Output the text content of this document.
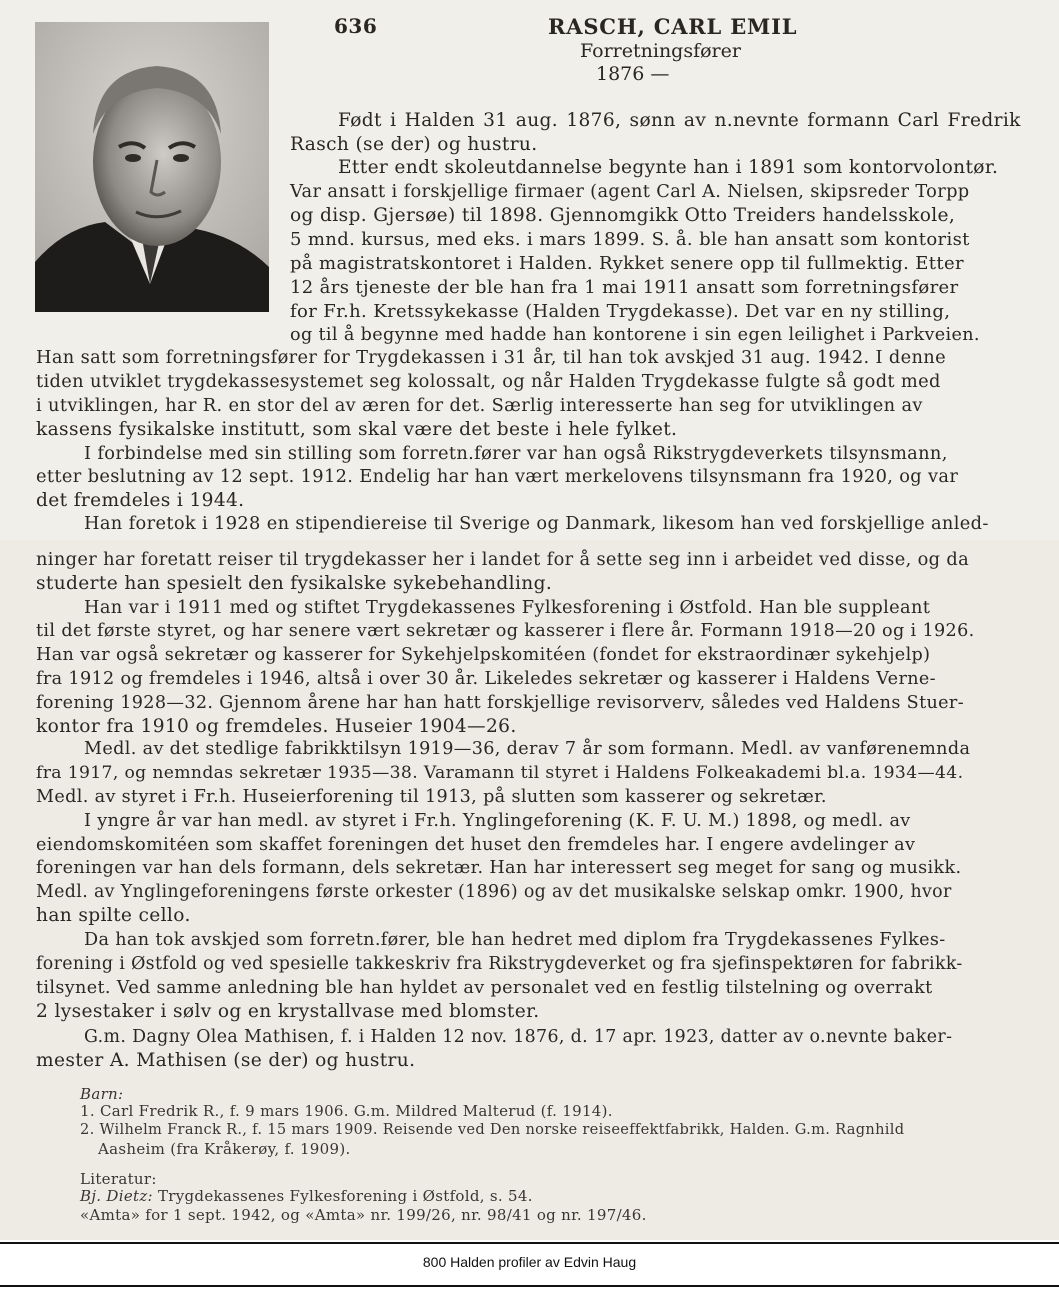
636	RASCH, CARL EMIL
Forretningsfører
1876 —
Født i Halden 31 aug. 1876, sønn av n.nevnte formann Carl Fredrik
Rasch (se der) og hustru.
Etter endt skoleutdannelse begynte han i 1891 som kontorvolontør.
Var ansatt i forskjellige firmaer (agent Carl A. Nielsen, skipsreder Torpp
og disp. Gjersøe) til 1898. Gjennomgikk Otto Treiders handelsskole,
5 mnd. kursus, med eks. i mars 1899. S. å. ble han ansatt som kontorist
på magistratskontoret i Halden. Rykket senere opp til fullmektig. Etter
12 års tjeneste der ble han fra 1 mai 1911 ansatt som forretningsfører
for Fr.h. Kretssykekasse (Halden Trygdekasse). Det var en ny stilling,
og til å begynne med hadde han kontorene i sin egen leilighet i Parkveien.
Han satt som forretningsfører for Trygdekassen i 31 år, til han tok avskjed 31 aug. 1942. I denne
tiden utviklet trygdekassesystemet seg kolossalt, og når Halden Trygdekasse fulgte så godt med
i utviklingen, har R. en stor del av æren for det. Særlig interesserte han seg for utviklingen av
kassens fysikalske institutt, som skal være det beste i hele fylket.
I forbindelse med sin stilling som forretn.fører var han også Rikstrygdeverkets tilsynsmann,
etter beslutning av 12 sept. 1912. Endelig har han vært merkelovens tilsynsmann fra 1920, og var
det fremdeles i 1944.
Han foretok i 1928 en stipendiereise til Sverige og Danmark, likesom han ved forskjellige anled-
ninger har foretatt reiser til trygdekasser her i landet for å sette seg inn i arbeidet ved disse, og da
studerte han spesielt den fysikalske sykebehandling.
Han var i 1911 med og stiftet Trygdekassenes Fylkesforening i Østfold. Han ble suppleant
til det første styret, og har senere vært sekretær og kasserer i flere år. Formann 1918—20 og i 1926.
Han var også sekretær og kasserer for Sykehjelpskomitéen (fondet for ekstraordinær sykehjelp)
fra 1912 og fremdeles i 1946, altså i over 30 år. Likeledes sekretær og kasserer i Haldens Verne-
forening 1928—32. Gjennom årene har han hatt forskjellige revisorverv, således ved Haldens Stuer-
kontor fra 1910 og fremdeles. Huseier 1904—26.
Medl. av det stedlige fabrikktilsyn 1919—36, derav 7 år som formann. Medl. av vanførenemnda
fra 1917, og nemndas sekretær 1935—38. Varamann til styret i Haldens Folkeakademi bl.a. 1934—44.
Medl. av styret i Fr.h. Huseierforening til 1913, på slutten som kasserer og sekretær.
I yngre år var han medl. av styret i Fr.h. Ynglingeforening (K. F. U. M.) 1898, og medl. av
eiendomskomitéen som skaffet foreningen det huset den fremdeles har. I engere avdelinger av
foreningen var han dels formann, dels sekretær. Han har interessert seg meget for sang og musikk.
Medl. av Ynglingeforeningens første orkester (1896) og av det musikalske selskap omkr. 1900, hvor
han spilte cello.
Da han tok avskjed som forretn.fører, ble han hedret med diplom fra Trygdekassenes Fylkes-
forening i Østfold og ved spesielle takkeskriv fra Rikstrygdeverket og fra sjefinspektøren for fabrikk-
tilsynet. Ved samme anledning ble han hyldet av personalet ved en festlig tilstelning og overrakt
2 lysestaker i sølv og en krystallvase med blomster.
G.m. Dagny Olea Mathisen, f. i Halden 12 nov. 1876, d. 17 apr. 1923, datter av o.nevnte baker-
mester A. Mathisen (se der) og hustru.
Barn:
1. Carl Fredrik R., f. 9 mars 1906. G.m. Mildred Malterud (f. 1914).
2. Wilhelm Franck R., f. 15 mars 1909. Reisende ved Den norske reiseeffektfabrikk, Halden. G.m. Ragnhild
Aasheim (fra Kråkerøy, f. 1909).
Literatur:
Bj. Dietz: Trygdekassenes Fylkesforening i Østfold, s. 54.
«Amta» for 1 sept. 1942, og «Amta» nr. 199/26, nr. 98/41 og nr. 197/46.
800 Halden profiler av Edvin Haug
